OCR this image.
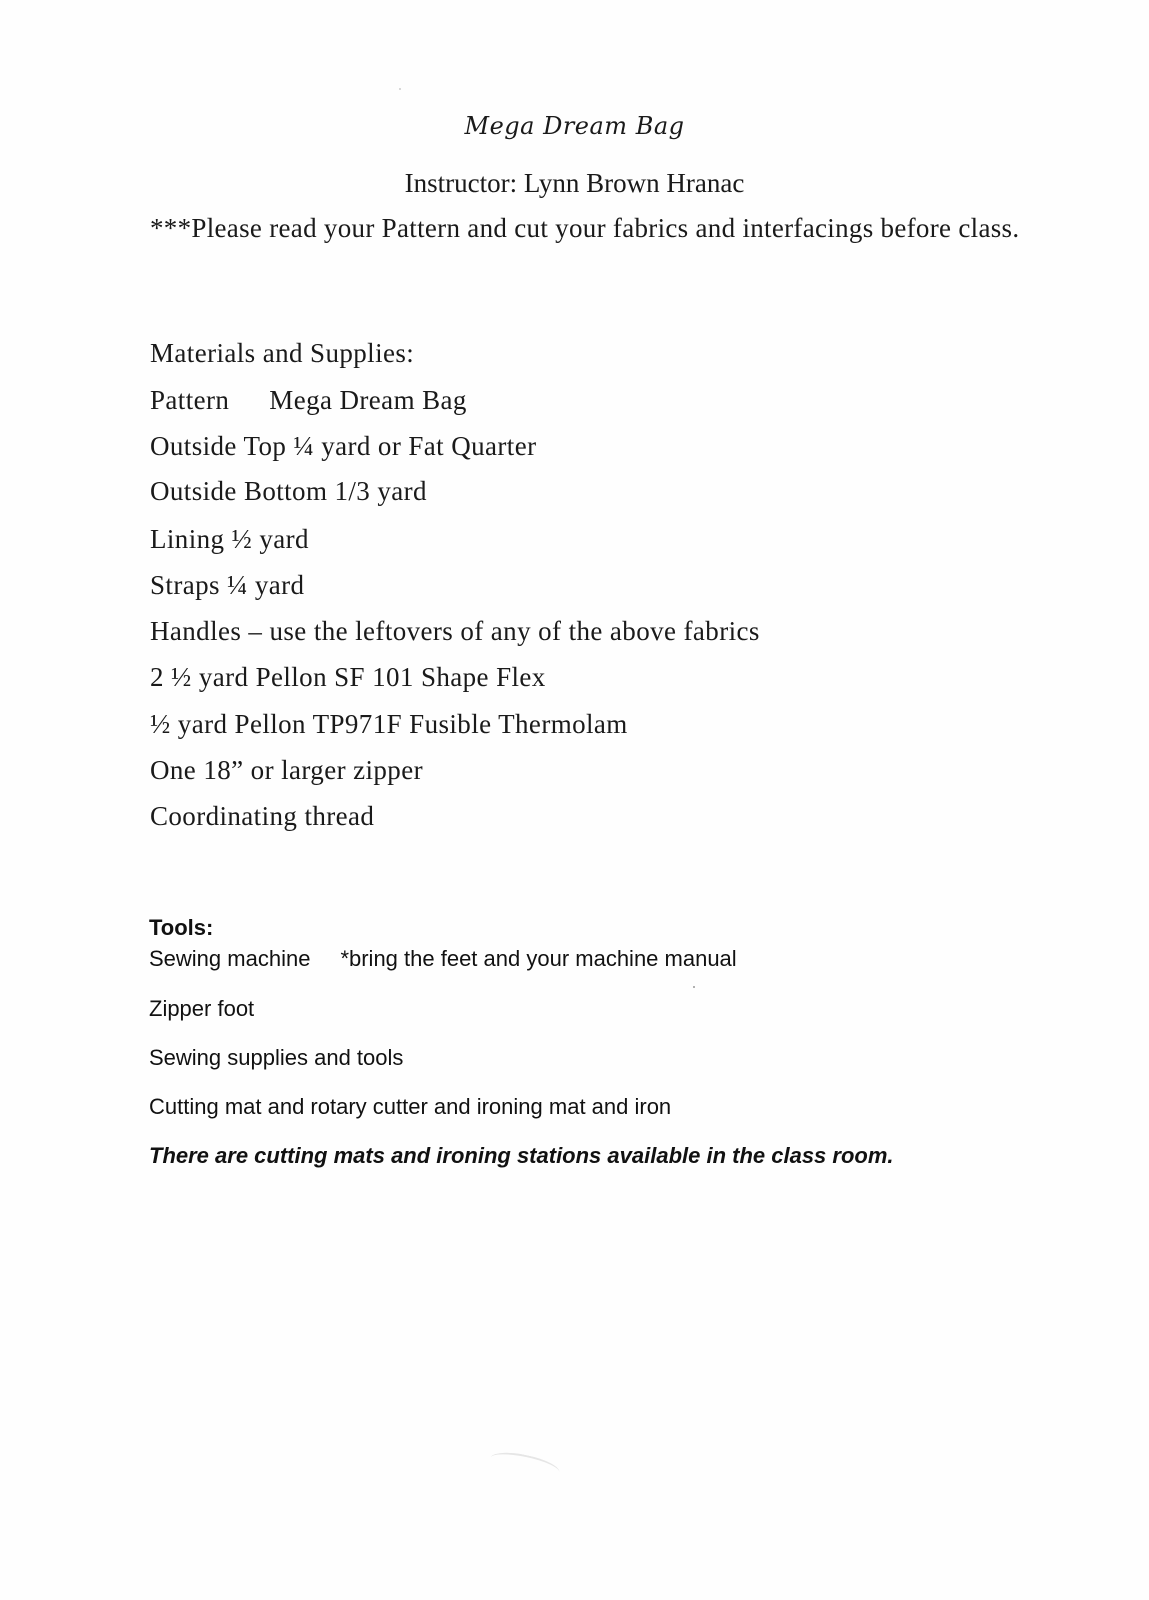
Mega Dream Bag
Instructor: Lynn Brown Hranac
***Please read your Pattern and cut your fabrics and interfacings before class.
Materials and Supplies:
Pattern Mega Dream Bag
Outside Top ¼ yard or Fat Quarter
Outside Bottom 1/3 yard
Lining ½ yard
Straps ¼ yard
Handles – use the leftovers of any of the above fabrics
2 ½ yard Pellon SF 101 Shape Flex
½ yard Pellon TP971F Fusible Thermolam
One 18” or larger zipper
Coordinating thread
Tools:
Sewing machine *bring the feet and your machine manual
Zipper foot
Sewing supplies and tools
Cutting mat and rotary cutter and ironing mat and iron
There are cutting mats and ironing stations available in the class room.
